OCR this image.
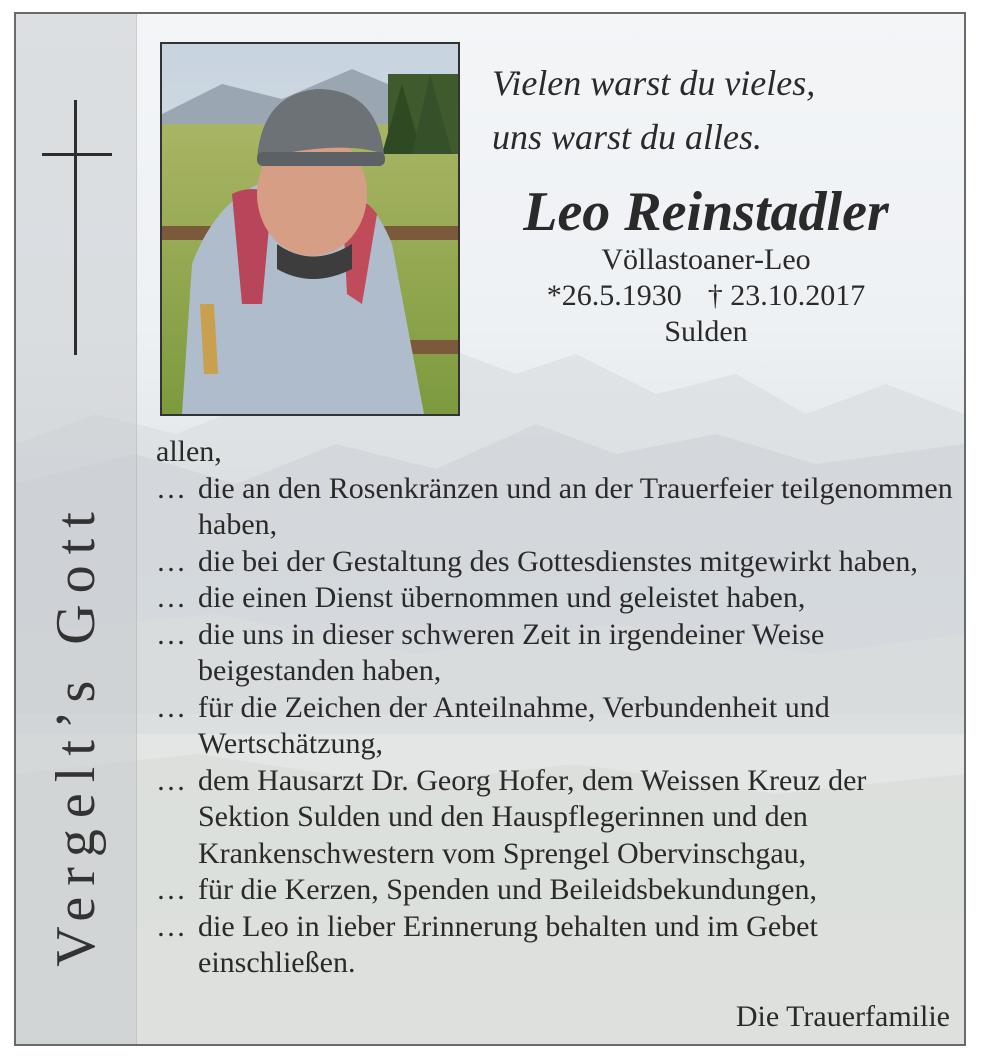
Vergelt’s Gott
Vielen warst du vieles,
uns warst du alles.
Leo Reinstadler
Völlastoaner-Leo
*26.5.1930 † 23.10.2017
Sulden
allen,
… die an den Rosenkränzen und an der Trauerfeier teilgenommen haben,
… die bei der Gestaltung des Gottesdienstes mitgewirkt haben,
… die einen Dienst übernommen und geleistet haben,
… die uns in dieser schweren Zeit in irgendeiner Weise beigestanden haben,
… für die Zeichen der Anteilnahme, Verbundenheit und Wertschätzung,
… dem Hausarzt Dr. Georg Hofer, dem Weissen Kreuz der Sektion Sulden und den Hauspflegerinnen und den Krankenschwestern vom Sprengel Obervinschgau,
… für die Kerzen, Spenden und Beileidsbekundungen,
… die Leo in lieber Erinnerung behalten und im Gebet einschließen.
Die Trauerfamilie
